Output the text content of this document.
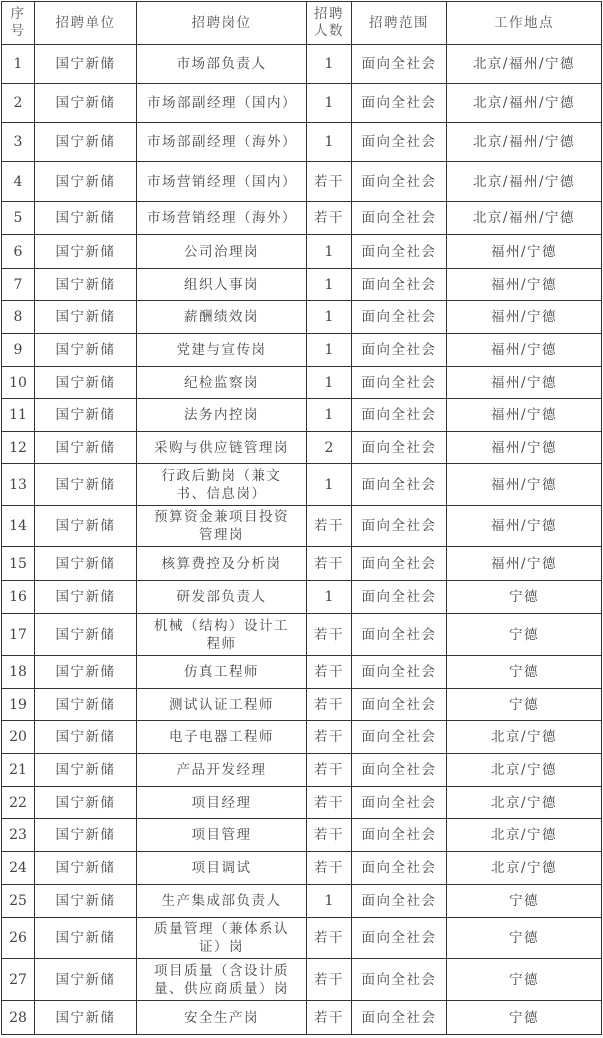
序号	招聘单位	招聘岗位	招聘人数	招聘范围	工作地点
1	国宁新储	市场部负责人	1	面向全社会	北京/福州/宁德
2	国宁新储	市场部副经理（国内）	1	面向全社会	北京/福州/宁德
3	国宁新储	市场部副经理（海外）	1	面向全社会	北京/福州/宁德
4	国宁新储	市场营销经理（国内）	若干	面向全社会	北京/福州/宁德
5	国宁新储	市场营销经理（海外）	若干	面向全社会	北京/福州/宁德
6	国宁新储	公司治理岗	1	面向全社会	福州/宁德
7	国宁新储	组织人事岗	1	面向全社会	福州/宁德
8	国宁新储	薪酬绩效岗	1	面向全社会	福州/宁德
9	国宁新储	党建与宣传岗	1	面向全社会	福州/宁德
10	国宁新储	纪检监察岗	1	面向全社会	福州/宁德
11	国宁新储	法务内控岗	1	面向全社会	福州/宁德
12	国宁新储	采购与供应链管理岗	2	面向全社会	福州/宁德
13	国宁新储	行政后勤岗（兼文书、信息岗）	1	面向全社会	福州/宁德
14	国宁新储	预算资金兼项目投资管理岗	若干	面向全社会	福州/宁德
15	国宁新储	核算费控及分析岗	若干	面向全社会	福州/宁德
16	国宁新储	研发部负责人	1	面向全社会	宁德
17	国宁新储	机械（结构）设计工程师	若干	面向全社会	宁德
18	国宁新储	仿真工程师	若干	面向全社会	宁德
19	国宁新储	测试认证工程师	若干	面向全社会	宁德
20	国宁新储	电子电器工程师	若干	面向全社会	北京/宁德
21	国宁新储	产品开发经理	若干	面向全社会	北京/宁德
22	国宁新储	项目经理	若干	面向全社会	北京/宁德
23	国宁新储	项目管理	若干	面向全社会	北京/宁德
24	国宁新储	项目调试	若干	面向全社会	北京/宁德
25	国宁新储	生产集成部负责人	1	面向全社会	宁德
26	国宁新储	质量管理（兼体系认证）岗	若干	面向全社会	宁德
27	国宁新储	项目质量（含设计质量、供应商质量）岗	若干	面向全社会	宁德
28	国宁新储	安全生产岗	若干	面向全社会	宁德
